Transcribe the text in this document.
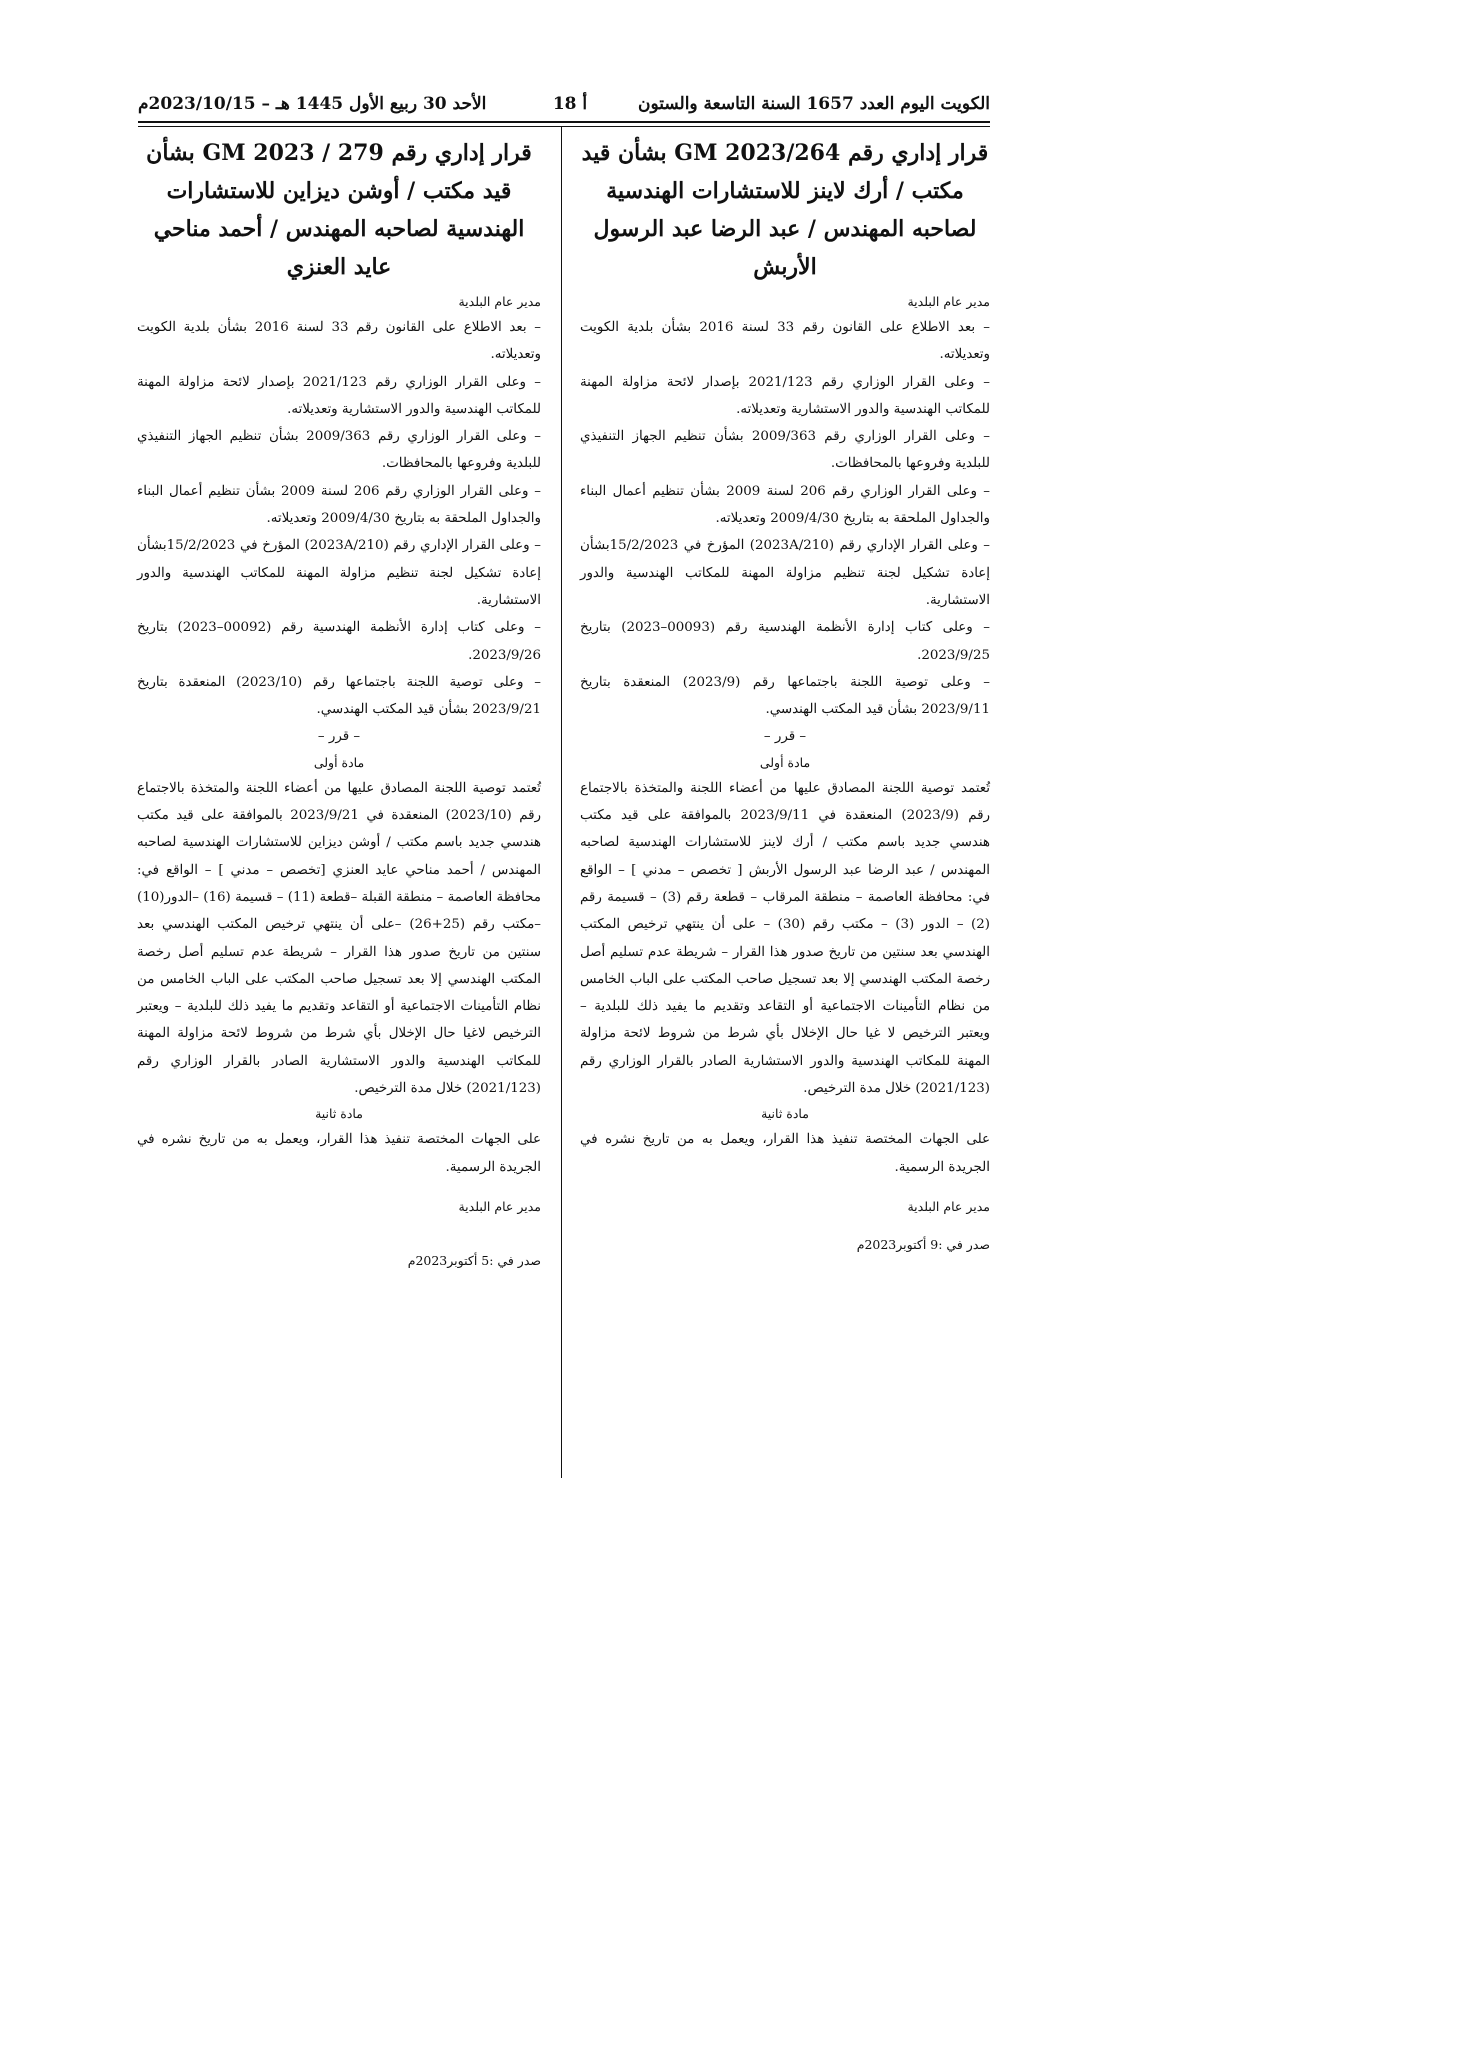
الكويت اليوم العدد 1657 السنة التاسعة والستون
أ 18
الأحد 30 ربيع الأول 1445 هـ – 2023/10/15م

قرار إداري رقم GM 2023/264 بشأن قيد مكتب / أرك لاينز للاستشارات الهندسية لصاحبه المهندس / عبد الرضا عبد الرسول الأربش

مدير عام البلدية

– بعد الاطلاع على القانون رقم 33 لسنة 2016 بشأن بلدية الكويت وتعديلاته.

– وعلى القرار الوزاري رقم 2021/123 بإصدار لائحة مزاولة المهنة للمكاتب الهندسية والدور الاستشارية وتعديلاته.

– وعلى القرار الوزاري رقم 2009/363 بشأن تنظيم الجهاز التنفيذي للبلدية وفروعها بالمحافظات.

– وعلى القرار الوزاري رقم 206 لسنة 2009 بشأن تنظيم أعمال البناء والجداول الملحقة به بتاريخ 2009/4/30 وتعديلاته.

– وعلى القرار الإداري رقم (2023A/210) المؤرخ في 15/2/2023بشأن إعادة تشكيل لجنة تنظيم مزاولة المهنة للمكاتب الهندسية والدور الاستشارية.

– وعلى كتاب إدارة الأنظمة الهندسية رقم (00093–2023) بتاريخ 2023/9/25.

– وعلى توصية اللجنة باجتماعها رقم (2023/9) المنعقدة بتاريخ 2023/9/11 بشأن قيد المكتب الهندسي.

– قرر –

مادة أولى

تُعتمد توصية اللجنة المصادق عليها من أعضاء اللجنة والمتخذة بالاجتماع رقم (2023/9) المنعقدة في 2023/9/11 بالموافقة على قيد مكتب هندسي جديد باسم مكتب / أرك لاينز للاستشارات الهندسية لصاحبه المهندس / عبد الرضا عبد الرسول الأربش [ تخصص – مدني ] – الواقع في: محافظة العاصمة – منطقة المرقاب – قطعة رقم (3) – قسيمة رقم (2) – الدور (3) – مكتب رقم (30) – على أن ينتهي ترخيص المكتب الهندسي بعد سنتين من تاريخ صدور هذا القرار – شريطة عدم تسليم أصل رخصة المكتب الهندسي إلا بعد تسجيل صاحب المكتب على الباب الخامس من نظام التأمينات الاجتماعية أو التقاعد وتقديم ما يفيد ذلك للبلدية – ويعتبر الترخيص لا غيا حال الإخلال بأي شرط من شروط لائحة مزاولة المهنة للمكاتب الهندسية والدور الاستشارية الصادر بالقرار الوزاري رقم (2021/123) خلال مدة الترخيص.

مادة ثانية

على الجهات المختصة تنفيذ هذا القرار، ويعمل به من تاريخ نشره في الجريدة الرسمية.

مدير عام البلدية

صدر في :9 أكتوبر2023م

قرار إداري رقم 279 / 2023 GM بشأن قيد مكتب / أوشن ديزاين للاستشارات الهندسية لصاحبه المهندس / أحمد مناحي عايد العنزي

مدير عام البلدية

– بعد الاطلاع على القانون رقم 33 لسنة 2016 بشأن بلدية الكويت وتعديلاته.

– وعلى القرار الوزاري رقم 2021/123 بإصدار لائحة مزاولة المهنة للمكاتب الهندسية والدور الاستشارية وتعديلاته.

– وعلى القرار الوزاري رقم 2009/363 بشأن تنظيم الجهاز التنفيذي للبلدية وفروعها بالمحافظات.

– وعلى القرار الوزاري رقم 206 لسنة 2009 بشأن تنظيم أعمال البناء والجداول الملحقة به بتاريخ 2009/4/30 وتعديلاته.

– وعلى القرار الإداري رقم (2023A/210) المؤرخ في 15/2/2023بشأن إعادة تشكيل لجنة تنظيم مزاولة المهنة للمكاتب الهندسية والدور الاستشارية.

– وعلى كتاب إدارة الأنظمة الهندسية رقم (00092–2023) بتاريخ 2023/9/26.

– وعلى توصية اللجنة باجتماعها رقم (2023/10) المنعقدة بتاريخ 2023/9/21 بشأن قيد المكتب الهندسي.

– قرر –

مادة أولى

تُعتمد توصية اللجنة المصادق عليها من أعضاء اللجنة والمتخذة بالاجتماع رقم (2023/10) المنعقدة في 2023/9/21 بالموافقة على قيد مكتب هندسي جديد باسم مكتب / أوشن ديزاين للاستشارات الهندسية لصاحبه المهندس / أحمد مناحي عايد العنزي [تخصص – مدني ] – الواقع في: محافظة العاصمة – منطقة القبلة –قطعة (11) – قسيمة (16) –الدور(10) –مكتب رقم (25+26) –على أن ينتهي ترخيص المكتب الهندسي بعد سنتين من تاريخ صدور هذا القرار – شريطة عدم تسليم أصل رخصة المكتب الهندسي إلا بعد تسجيل صاحب المكتب على الباب الخامس من نظام التأمينات الاجتماعية أو التقاعد وتقديم ما يفيد ذلك للبلدية – ويعتبر الترخيص لاغيا حال الإخلال بأي شرط من شروط لائحة مزاولة المهنة للمكاتب الهندسية والدور الاستشارية الصادر بالقرار الوزاري رقم (2021/123) خلال مدة الترخيص.

مادة ثانية

على الجهات المختصة تنفيذ هذا القرار، ويعمل به من تاريخ نشره في الجريدة الرسمية.

مدير عام البلدية

صدر في :5 أكتوبر2023م
